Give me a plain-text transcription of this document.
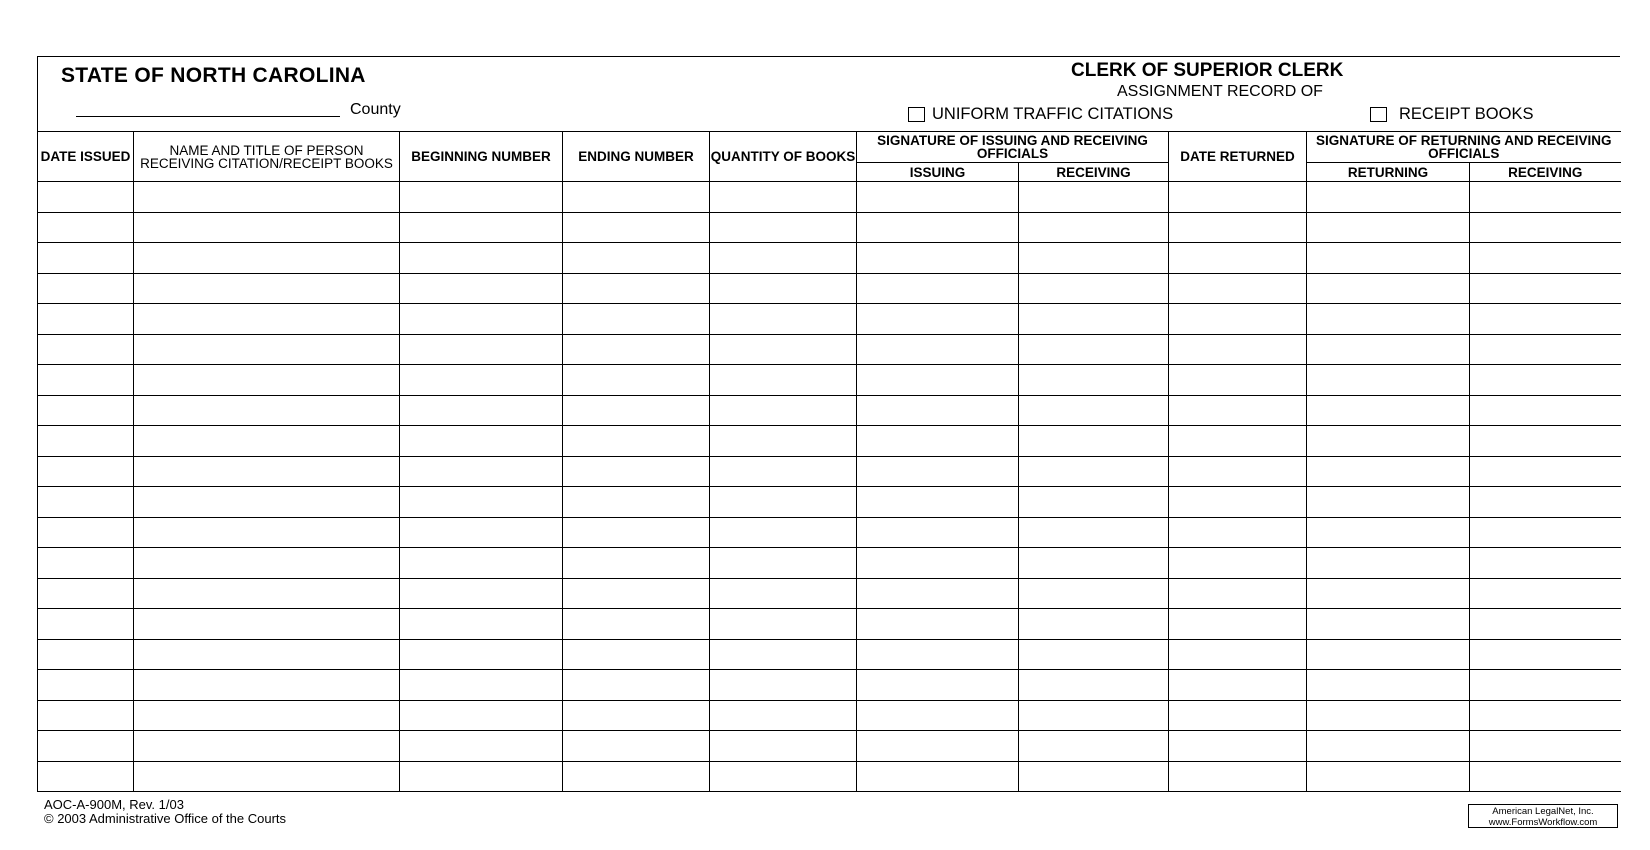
STATE OF NORTH CAROLINA
County
CLERK OF SUPERIOR CLERK
ASSIGNMENT RECORD OF
UNIFORM TRAFFIC CITATIONS	RECEIPT BOOKS
DATE ISSUED	NAME AND TITLE OF PERSON RECEIVING CITATION/RECEIPT BOOKS	BEGINNING NUMBER	ENDING NUMBER	QUANTITY OF BOOKS	SIGNATURE OF ISSUING AND RECEIVING OFFICIALS		DATE RETURNED	SIGNATURE OF RETURNING AND RECEIVING OFFICIALS	
					ISSUING	RECEIVING		RETURNING	RECEIVING

AOC-A-900M, Rev. 1/03
© 2003 Administrative Office of the Courts	American LegalNet, Inc.
www.FormsWorkflow.com
